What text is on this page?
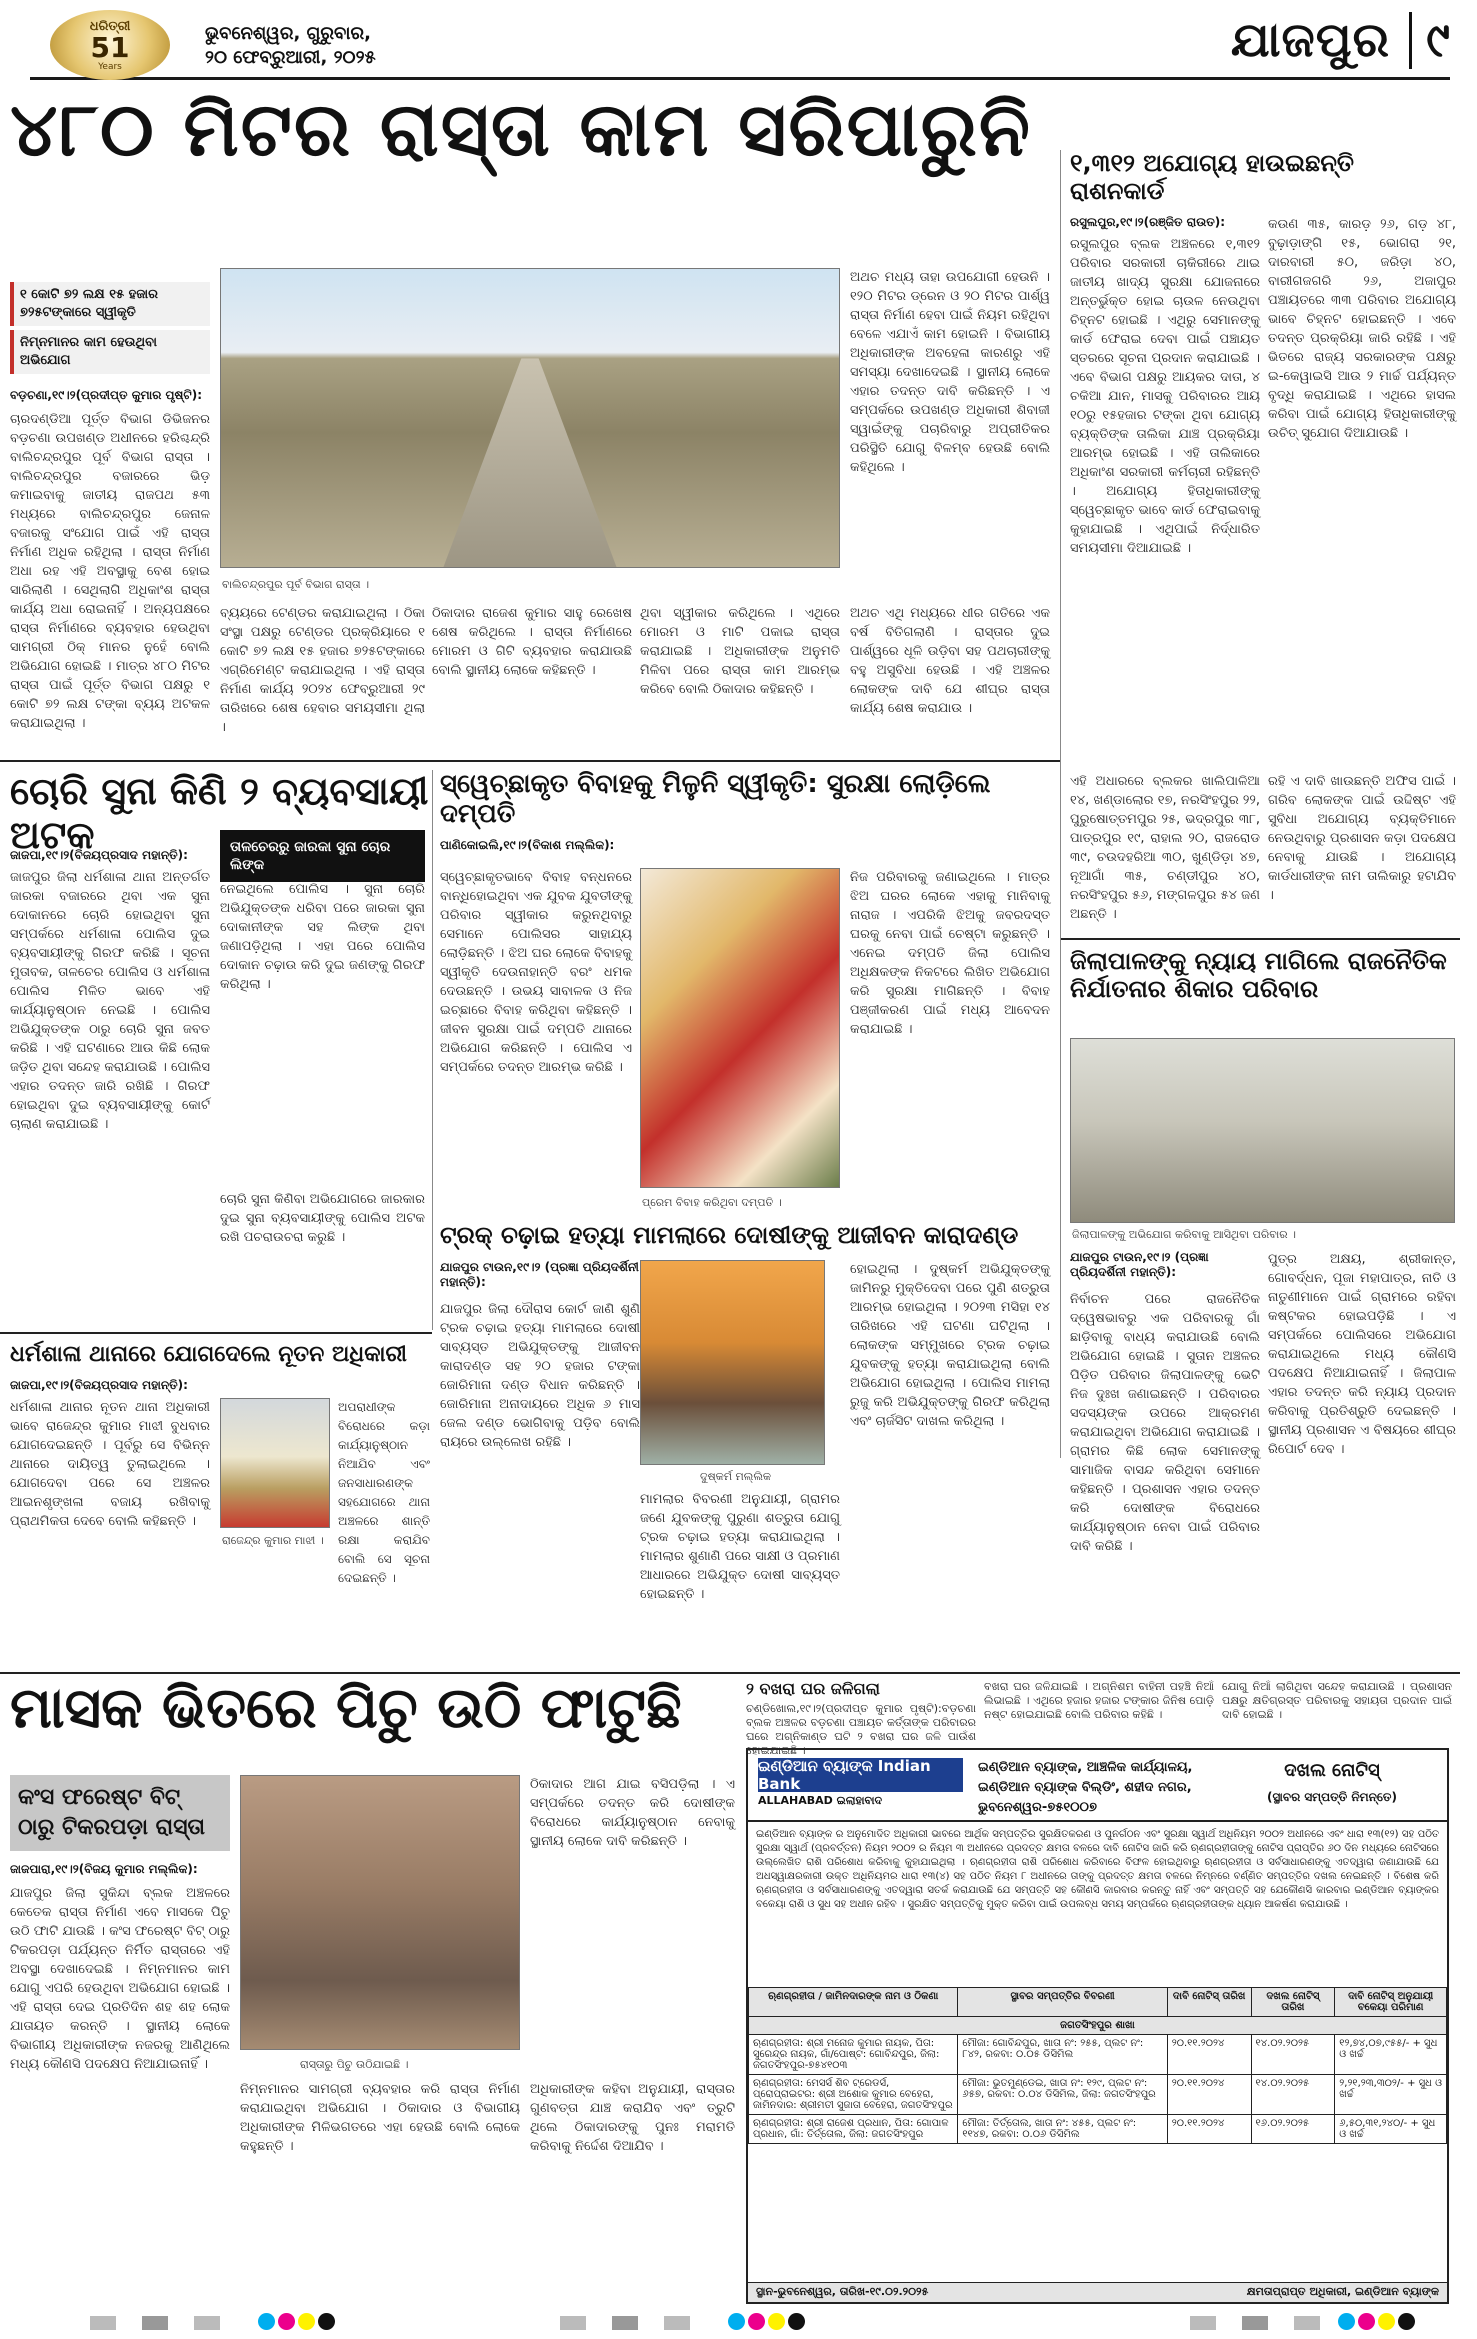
ଧରିତ୍ରୀ
51
Years
ଭୁବନେଶ୍ୱର, ଗୁରୁବାର,
୨୦ ଫେବ୍ରୁଆରୀ, ୨୦୨୫	ଯାଜପୁର ୯
୪୮୦ ମିଟର ରାସ୍ତା କାମ ସରିପାରୁନି
୧ କୋଟି ୭୨ ଲକ୍ଷ ୧୫ ହଜାର ୭୨୫ଟଙ୍କାରେ ସ୍ୱୀକୃତି
ନିମ୍ନମାନର କାମ ହେଉଥିବା ଅଭିଯୋଗ
ବଡ଼ଚଣା,୧୯।୨(ପ୍ରଦୀପ୍ତ କୁମାର ପୃଷ୍ଟି):
ଚାରଦଣ୍ଡିଆ ପୂର୍ତ୍ତ ବିଭାଗ ଡିଭିଜନର ବଡ଼ଚଣା ଉପଖଣ୍ଡ ଅଧୀନରେ ହରିଶ୍ଚନ୍ଦ୍ରି ବାଲିଚନ୍ଦ୍ରପୁର ପୂର୍ବ ବିଭାଗ ରାସ୍ତା । ବାଲିଚନ୍ଦ୍ରପୁର ବଜାରରେ ଭିଡ଼ କମାଇବାକୁ ଜାତୀୟ ରାଜପଥ ୫୩ ମଧ୍ୟରେ ବାଲିଚନ୍ଦ୍ରପୁର ଜେନାଳ ବଜାରକୁ ସଂଯୋଗ ପାଇଁ ଏହି ରାସ୍ତା ନିର୍ମାଣ ଅଧିକ ରହିଥିଲା । ରାସ୍ତା ନିର୍ମାଣ ଅଧା ରହ ଏହି ଅବସ୍ଥାକୁ ବେଶ ହୋଇ ସାରିଲାଣି । ସେଥିଲାଗି ଅଧିକାଂଶ ରାସ୍ତା କାର୍ଯ୍ୟ ଅଧା ରୋଇନାହିଁ । ଅନ୍ୟପକ୍ଷରେ ରାସ୍ତା ନିର୍ମାଣରେ ବ୍ୟବହାର ହେଉଥିବା ସାମଗ୍ରୀ ଠିକ୍ ମାନର ନୁହେଁ ବୋଲି ଅଭିଯୋଗ ହୋଇଛି । ମାତ୍ର ୪୮୦ ମିଟର ରାସ୍ତା ପାଇଁ ପୂର୍ତ୍ତ ବିଭାଗ ପକ୍ଷରୁ ୧ କୋଟି ୭୨ ଲକ୍ଷ ଟଙ୍କା ବ୍ୟୟ ଅଟକଳ କରାଯାଇଥିଲା ।
ବାଲିଚନ୍ଦ୍ରପୁର ପୂର୍ବ ବିଭାଗ ରାସ୍ତା ।
ବ୍ୟୟରେ ଟେଣ୍ଡର କରାଯାଇଥିଲା । ଠିକା ସଂସ୍ଥା ପକ୍ଷରୁ ଟେଣ୍ଡର ପ୍ରକ୍ରିୟାରେ ୧ କୋଟି ୭୨ ଲକ୍ଷ ୧୫ ହଜାର ୭୨୫ଟଙ୍କାରେ ଏଗ୍ରିମେଣ୍ଟ କରାଯାଇଥିଲା । ଏହି ରାସ୍ତା ନିର୍ମାଣ କାର୍ଯ୍ୟ ୨୦୨୪ ଫେବ୍ରୁଆରୀ ୨୯ ତାରିଖରେ ଶେଷ ହେବାର ସମୟସୀମା ଥିଲା ।
ଠିକାଦାର ରାଜେଶ କୁମାର ସାହୁ ରେଖେଷ ଶେଷ କରିଥିଲେ । ରାସ୍ତା ନିର୍ମାଣରେ ମୋରମ ଓ ଗିଟି ବ୍ୟବହାର କରାଯାଉଛି ବୋଲି ସ୍ଥାନୀୟ ଲୋକେ କହିଛନ୍ତି ।
ଥିବା ସ୍ୱୀକାର କରିଥିଲେ । ଏଥିରେ ମୋରମ ଓ ମାଟି ପକାଇ ରାସ୍ତା କରାଯାଇଛି । ଅଧିକାରୀଙ୍କ ଅନୁମତି ମିଳିବା ପରେ ରାସ୍ତା କାମ ଆରମ୍ଭ କରିବେ ବୋଲି ଠିକାଦାର କହିଛନ୍ତି ।
ଅଥଚ ଏଥି ମଧ୍ୟରେ ଧୀର ଗତିରେ ଏକ ବର୍ଷ ବିତିଗଲାଣି । ରାସ୍ତାର ଦୁଇ ପାର୍ଶ୍ୱରେ ଧୂଳି ଉଡ଼ିବା ସହ ପଥଚାରୀଙ୍କୁ ବହୁ ଅସୁବିଧା ହେଉଛି । ଏହି ଅଞ୍ଚଳର ଲୋକଙ୍କ ଦାବି ଯେ ଶୀଘ୍ର ରାସ୍ତା କାର୍ଯ୍ୟ ଶେଷ କରାଯାଉ ।
ଅଥଚ ମଧ୍ୟ ତାହା ଉପଯୋଗୀ ହେଉନି । ୧୨୦ ମିଟର ଡ୍ରେନ ଓ ୨୦ ମିଟର ପାର୍ଶ୍ୱ ରାସ୍ତା ନିର୍ମାଣ ହେବା ପାଇଁ ନିୟମ ରହିଥିବା ବେଳେ ଏଯାଏଁ କାମ ହୋଇନି । ବିଭାଗୀୟ ଅଧିକାରୀଙ୍କ ଅବହେଳା କାରଣରୁ ଏହି ସମସ୍ୟା ଦେଖାଦେଇଛି । ସ୍ଥାନୀୟ ଲୋକେ ଏହାର ତଦନ୍ତ ଦାବି କରିଛନ୍ତି । ଏ ସମ୍ପର୍କରେ ଉପଖଣ୍ଡ ଅଧିକାରୀ ଶିବାଜୀ ସ୍ୱାଇଁଙ୍କୁ ପଚାରିବାରୁ ଅପ୍ରୀତିକର ପରିସ୍ଥିତି ଯୋଗୁ ବିଳମ୍ବ ହେଉଛି ବୋଲି କହିଥିଲେ ।
୧,୩୧୨ ଅଯୋଗ୍ୟ ହାଉଇଛନ୍ତି ରାଶନକାର୍ଡ
ରସୁଲପୁର,୧୯।୨(ରଞ୍ଜିତ ରାଉତ):
ରସୁଲପୁର ବ୍ଲକ ଅଞ୍ଚଳରେ ୧,୩୧୨ ପରିବାର ସରକାରୀ ଚାକିରୀରେ ଥାଇ ଜାତୀୟ ଖାଦ୍ୟ ସୁରକ୍ଷା ଯୋଜନାରେ ଅନ୍ତର୍ଭୁକ୍ତ ହୋଇ ଚାଉଳ ନେଉଥିବା ଚିହ୍ନଟ ହୋଇଛି । ଏଥିରୁ ସେମାନଙ୍କୁ କାର୍ଡ ଫେରାଇ ଦେବା ପାଇଁ ପଞ୍ଚାୟତ ସ୍ତରରେ ସୂଚନା ପ୍ରଦାନ କରାଯାଇଛି । ଏବେ ବିଭାଗ ପକ୍ଷରୁ ଆୟକର ଦାତା, ୪ ଚକିଆ ଯାନ, ମାସକୁ ପରିବାରର ଆୟ ୧୦ରୁ ୧୫ହଜାର ଟଙ୍କା ଥିବା ଯୋଗ୍ୟ ବ୍ୟକ୍ତିଙ୍କ ତାଲିକା ଯାଞ୍ଚ ପ୍ରକ୍ରିୟା ଆରମ୍ଭ ହୋଇଛି । ଏହି ତାଲିକାରେ ଅଧିକାଂଶ ସରକାରୀ କର୍ମଚାରୀ ରହିଛନ୍ତି । ଅଯୋଗ୍ୟ ହିତାଧିକାରୀଙ୍କୁ ସ୍ୱେଚ୍ଛାକୃତ ଭାବେ କାର୍ଡ ଫେରାଇବାକୁ କୁହାଯାଇଛି । ଏଥିପାଇଁ ନିର୍ଦ୍ଧାରିତ ସମୟସୀମା ଦିଆଯାଇଛି ।
କଉଣ ୩୫, କାରଡ଼ ୨୬, ଗଡ଼ ୪୮, ବୁଢ଼ାଡ଼ାଙ୍ଗି ୧୫, ଭୋଗରା ୨୧, ଦାରବାରୀ ୫୦, ଜରିଡ଼ା ୪୦, ବାରୀଗଜଗରି ୨୬, ଅଜାପୁର ପଞ୍ଚାୟତରେ ୩୩ ପରିବାର ଅଯୋଗ୍ୟ ଭାବେ ଚିହ୍ନଟ ହୋଇଛନ୍ତି । ଏବେ ତଦନ୍ତ ପ୍ରକ୍ରିୟା ଜାରି ରହିଛି । ଏହି ଭିତରେ ରାଜ୍ୟ ସରକାରଙ୍କ ପକ୍ଷରୁ ଇ-କେୱାଇସି ଆଉ ୨ ମାର୍ଚ୍ଚ ପର୍ଯ୍ୟନ୍ତ ବୃଦ୍ଧି କରାଯାଇଛି । ଏଥିରେ ହାସଲ କରିବା ପାଇଁ ଯୋଗ୍ୟ ହିତାଧିକାରୀଙ୍କୁ ଉଚିତ୍ ସୁଯୋଗ ଦିଆଯାଉଛି ।
ଏହି ଅଧାରରେ ବ୍ଲକର ଖାଲିପାଳିଆ ୧୪, ଖଣ୍ଡାଲୋର ୧୭, ନରସିଂହପୁର ୨୨, ପୁରୁଷୋତ୍ତମପୁର ୨୫, ଭଦ୍ରପୁର ୩୮, ପାତ୍ରପୁର ୧୯, ରାହାଲ ୨୦, ରାଜରୋଡ ୩୯, ଚଉଦହରିଆ ୩୦, ଖୁଣ୍ଡିଡ଼ା ୪୭, ନୂଆଗାଁ ୩୫, ଚଣ୍ଡୀପୁର ୪୦, ନରସିଂହପୁର ୫୬, ମଙ୍ଗଳପୁର ୫୪ ଜଣ ଅଛନ୍ତି ।
ରହି ଏ ଦାବି ଖାଉଛନ୍ତି ଅଫିସ ପାଇଁ । ଗରିବ ଲୋକଙ୍କ ପାଇଁ ଉଦ୍ଦିଷ୍ଟ ଏହି ସୁବିଧା ଅଯୋଗ୍ୟ ବ୍ୟକ୍ତିମାନେ ନେଉଥିବାରୁ ପ୍ରଶାସନ କଡ଼ା ପଦକ୍ଷେପ ନେବାକୁ ଯାଉଛି । ଅଯୋଗ୍ୟ କାର୍ଡଧାରୀଙ୍କ ନାମ ତାଲିକାରୁ ହଟାଯିବ ।
ଚୋରି ସୁନା କିଣି ୨ ବ୍ୟବସାୟୀ ଅଟକ
ଜାଜପା,୧୯।୨(ବିଜୟପ୍ରସାଦ ମହାନ୍ତି):
ଜାଜପୁର ଜିଲା ଧର୍ମଶାଳା ଥାନା ଅନ୍ତର୍ଗତ ଜାରକା ବଜାରରେ ଥିବା ଏକ ସୁନା ଦୋକାନରେ ଚୋରି ହୋଇଥିବା ସୁନା ସମ୍ପର୍କରେ ଧର୍ମଶାଳା ପୋଲିସ ଦୁଇ ବ୍ୟବସାୟୀଙ୍କୁ ଗିରଫ କରିଛି । ସୂଚନା ମୁତାବକ, ତାଳଚେର ପୋଲିସ ଓ ଧର୍ମଶାଳା ପୋଲିସ ମିଳିତ ଭାବେ ଏହି କାର୍ଯ୍ୟାନୁଷ୍ଠାନ ନେଇଛି । ପୋଲିସ ଅଭିଯୁକ୍ତଙ୍କ ଠାରୁ ଚୋରି ସୁନା ଜବତ କରିଛି । ଏହି ଘଟଣାରେ ଆଉ କିଛି ଲୋକ ଜଡ଼ିତ ଥିବା ସନ୍ଦେହ କରାଯାଉଛି । ପୋଲିସ ଏହାର ତଦନ୍ତ ଜାରି ରଖିଛି । ଗିରଫ ହୋଇଥିବା ଦୁଇ ବ୍ୟବସାୟୀଙ୍କୁ କୋର୍ଟ ଚାଲାଣ କରାଯାଇଛି ।
ତାଳଚେରରୁ ଜାରକା ସୁନା ଚୋର ଲିଙ୍କ
ନେଇଥିଲେ ପୋଲିସ । ସୁନା ଚୋରି ଅଭିଯୁକ୍ତଙ୍କ ଧରିବା ପରେ ଜାରକା ସୁନା ଦୋକାନୀଙ୍କ ସହ ଲିଙ୍କ ଥିବା ଜଣାପଡ଼ିଥିଲା । ଏହା ପରେ ପୋଲିସ ଦୋକାନ ଚଢ଼ାଉ କରି ଦୁଇ ଜଣଙ୍କୁ ଗିରଫ କରିଥିଲା ।
ଚୋରି ସୁନା କିଣିବା ଅଭିଯୋଗରେ ଜାରକାର ଦୁଇ ସୁନା ବ୍ୟବସାୟୀଙ୍କୁ ପୋଲିସ ଅଟକ ରଖି ପଚରାଉଚରା କରୁଛି ।
ସ୍ୱେଚ୍ଛାକୃତ ବିବାହକୁ ମିଳୁନି ସ୍ୱୀକୃତି: ସୁରକ୍ଷା ଲୋଡ଼ିଲେ ଦମ୍ପତି
ପାଣିକୋଇଲି,୧୯।୨(ବିକାଶ ମଲ୍ଲିକ):
ପ୍ରେମ ବିବାହ କରିଥିବା ଦମ୍ପତି ।
ସ୍ୱେଚ୍ଛାକୃତଭାବେ ବିବାହ ବନ୍ଧନରେ ବାନ୍ଧିହୋଇଥିବା ଏକ ଯୁବକ ଯୁବତୀଙ୍କୁ ପରିବାର ସ୍ୱୀକାର କରୁନଥିବାରୁ ସେମାନେ ପୋଲିସର ସାହାଯ୍ୟ ଲୋଡ଼ିଛନ୍ତି । ଝିଅ ଘର ଲୋକେ ବିବାହକୁ ସ୍ୱୀକୃତି ଦେଉନାହାନ୍ତି ବରଂ ଧମକ ଦେଉଛନ୍ତି । ଉଭୟ ସାବାଳକ ଓ ନିଜ ଇଚ୍ଛାରେ ବିବାହ କରିଥିବା କହିଛନ୍ତି । ଜୀବନ ସୁରକ୍ଷା ପାଇଁ ଦମ୍ପତି ଥାନାରେ ଅଭିଯୋଗ କରିଛନ୍ତି । ପୋଲିସ ଏ ସମ୍ପର୍କରେ ତଦନ୍ତ ଆରମ୍ଭ କରିଛି ।
ନିଜ ପରିବାରକୁ ଜଣାଇଥିଲେ । ମାତ୍ର ଝିଅ ଘରର ଲୋକେ ଏହାକୁ ମାନିବାକୁ ନାରାଜ । ଏପରିକି ଝିଅକୁ ଜବରଦସ୍ତ ଘରକୁ ନେବା ପାଇଁ ଚେଷ୍ଟା କରୁଛନ୍ତି । ଏନେଇ ଦମ୍ପତି ଜିଲା ପୋଲିସ ଅଧିକ୍ଷକଙ୍କ ନିକଟରେ ଲିଖିତ ଅଭିଯୋଗ କରି ସୁରକ୍ଷା ମାଗିଛନ୍ତି । ବିବାହ ପଞ୍ଜୀକରଣ ପାଇଁ ମଧ୍ୟ ଆବେଦନ କରାଯାଇଛି ।
ଜିଲାପାଳଙ୍କୁ ନ୍ୟାୟ ମାଗିଲେ ରାଜନୈତିକ ନିର୍ଯାତନାର ଶିକାର ପରିବାର
ଜିଲାପାଳଙ୍କୁ ଅଭିଯୋଗ କରିବାକୁ ଆସିଥିବା ପରିବାର ।
ଯାଜପୁର ଟାଉନ,୧୯।୨ (ପ୍ରଜ୍ଞା ପ୍ରିୟଦର୍ଶିନୀ ମହାନ୍ତି):
ନିର୍ବାଚନ ପରେ ରାଜନୈତିକ ଦ୍ୱେଷଭାବରୁ ଏକ ପରିବାରକୁ ଗାଁ ଛାଡ଼ିବାକୁ ବାଧ୍ୟ କରାଯାଉଛି ବୋଲି ଅଭିଯୋଗ ହୋଇଛି । ସୁତାନ ଅଞ୍ଚଳର ପିଡ଼ିତ ପରିବାର ଜିଲାପାଳଙ୍କୁ ଭେଟି ନିଜ ଦୁଃଖ ଜଣାଇଛନ୍ତି । ପରିବାରର ସଦସ୍ୟଙ୍କ ଉପରେ ଆକ୍ରମଣ କରାଯାଇଥିବା ଅଭିଯୋଗ କରାଯାଇଛି । ଗ୍ରାମର କିଛି ଲୋକ ସେମାନଙ୍କୁ ସାମାଜିକ ବାସନ୍ଦ କରିଥିବା ସେମାନେ କହିଛନ୍ତି । ପ୍ରଶାସନ ଏହାର ତଦନ୍ତ କରି ଦୋଷୀଙ୍କ ବିରୋଧରେ କାର୍ଯ୍ୟାନୁଷ୍ଠାନ ନେବା ପାଇଁ ପରିବାର ଦାବି କରିଛି ।
ପୁତ୍ର ଅକ୍ଷୟ, ଶ୍ରୀକାନ୍ତ, ଗୋବର୍ଦ୍ଧନ, ପୂଜା ମହାପାତ୍ର, ନାତି ଓ ନାତୁଣୀମାନେ ପାଇଁ ଗ୍ରାମରେ ରହିବା କଷ୍ଟକର ହୋଇପଡ଼ିଛି । ଏ ସମ୍ପର୍କରେ ପୋଲିସରେ ଅଭିଯୋଗ କରାଯାଇଥିଲେ ମଧ୍ୟ କୌଣସି ପଦକ୍ଷେପ ନିଆଯାଇନାହିଁ । ଜିଲାପାଳ ଏହାର ତଦନ୍ତ କରି ନ୍ୟାୟ ପ୍ରଦାନ କରିବାକୁ ପ୍ରତିଶ୍ରୁତି ଦେଇଛନ୍ତି । ସ୍ଥାନୀୟ ପ୍ରଶାସନ ଏ ବିଷୟରେ ଶୀଘ୍ର ରିପୋର୍ଟ ଦେବ ।
ଟ୍ରକ୍ ଚଢ଼ାଇ ହତ୍ୟା ମାମଲାରେ ଦୋଷୀଙ୍କୁ ଆଜୀବନ କାରାଦଣ୍ଡ
ଯାଜପୁର ଟାଉନ,୧୯।୨ (ପ୍ରଜ୍ଞା ପ୍ରିୟଦର୍ଶିନୀ ମହାନ୍ତି):
ଯାଜପୁର ଜିଲା ଦୌରାସ କୋର୍ଟ ଜାଣି ଶୁଣି ଟ୍ରକ ଚଢ଼ାଇ ହତ୍ୟା ମାମଲାରେ ଦୋଷୀ ସାବ୍ୟସ୍ତ ଅଭିଯୁକ୍ତଙ୍କୁ ଆଜୀବନ କାରାଦଣ୍ଡ ସହ ୨୦ ହଜାର ଟଙ୍କା ଜୋରିମାନା ଦଣ୍ଡ ବିଧାନ କରିଛନ୍ତି । ଜୋରିମାନା ଅନାଦାୟରେ ଅଧିକ ୬ ମାସ ଜେଲ ଦଣ୍ଡ ଭୋଗିବାକୁ ପଡ଼ିବ ବୋଲି ରାୟରେ ଉଲ୍ଲେଖ ରହିଛି ।
ଦୁଷ୍କର୍ମ ମଲ୍ଲିକ
ମାମଲାର ବିବରଣୀ ଅନୁଯାୟୀ, ଗ୍ରାମର ଜଣେ ଯୁବକଙ୍କୁ ପୁରୁଣା ଶତ୍ରୁତା ଯୋଗୁ ଟ୍ରକ ଚଢ଼ାଇ ହତ୍ୟା କରାଯାଇଥିଲା । ମାମଲାର ଶୁଣାଣି ପରେ ସାକ୍ଷୀ ଓ ପ୍ରମାଣ ଆଧାରରେ ଅଭିଯୁକ୍ତ ଦୋଷୀ ସାବ୍ୟସ୍ତ ହୋଇଛନ୍ତି ।
ହୋଇଥିଲା । ଦୁଷ୍କର୍ମ ଅଭିଯୁକ୍ତଙ୍କୁ ଜାମିନରୁ ମୁକ୍ତିଦେବା ପରେ ପୁଣି ଶତ୍ରୁତା ଆରମ୍ଭ ହୋଇଥିଲା । ୨୦୨୩ ମସିହା ୧୪ ତାରିଖରେ ଏହି ଘଟଣା ଘଟିଥିଲା । ଲୋକଙ୍କ ସମ୍ମୁଖରେ ଟ୍ରକ ଚଢ଼ାଇ ଯୁବକଙ୍କୁ ହତ୍ୟା କରାଯାଇଥିଲା ବୋଲି ଅଭିଯୋଗ ହୋଇଥିଲା । ପୋଲିସ ମାମଲା ରୁଜୁ କରି ଅଭିଯୁକ୍ତଙ୍କୁ ଗିରଫ କରିଥିଲା ଏବଂ ଚାର୍ଜସିଟ ଦାଖଲ କରିଥିଲା ।
ଧର୍ମଶାଳା ଥାନାରେ ଯୋଗଦେଲେ ନୂତନ ଅଧିକାରୀ
ଜାଜପା,୧୯।୨(ବିଜୟପ୍ରସାଦ ମହାନ୍ତି):
ଧର୍ମଶାଳା ଥାନାର ନୂତନ ଥାନା ଅଧିକାରୀ ଭାବେ ରାଜେନ୍ଦ୍ର କୁମାର ମାଝୀ ବୁଧବାର ଯୋଗଦେଇଛନ୍ତି । ପୂର୍ବରୁ ସେ ବିଭିନ୍ନ ଥାନାରେ ଦାୟିତ୍ୱ ତୁଲାଇଥିଲେ । ଯୋଗଦେବା ପରେ ସେ ଅଞ୍ଚଳର ଆଇନଶୃଙ୍ଖଳା ବଜାୟ ରଖିବାକୁ ପ୍ରାଥମିକତା ଦେବେ ବୋଲି କହିଛନ୍ତି ।
ରାଜେନ୍ଦ୍ର କୁମାର ମାଝୀ ।
ଅପରାଧୀଙ୍କ ବିରୋଧରେ କଡ଼ା କାର୍ଯ୍ୟାନୁଷ୍ଠାନ ନିଆଯିବ ଏବଂ ଜନସାଧାରଣଙ୍କ ସହଯୋଗରେ ଥାନା ଅଞ୍ଚଳରେ ଶାନ୍ତି ରକ୍ଷା କରାଯିବ ବୋଲି ସେ ସୂଚନା ଦେଇଛନ୍ତି ।
ମାସକ ଭିତରେ ପିଚୁ ଉଠି ଫାଟୁଛି
କଂସ ଫରେଷ୍ଟ ବିଟ୍ ଠାରୁ ଟିକରପଡ଼ା ରାସ୍ତା
ଜାଜପାରା,୧୯।୨(ବିଜୟ କୁମାର ମଲ୍ଲିକ):
ଯାଜପୁର ଜିଲା ସୁକିନ୍ଦା ବ୍ଲକ ଅଞ୍ଚଳରେ କେତେକ ରାସ୍ତା ନିର୍ମାଣ ଏବେ ମାସକେ ପିଚୁ ଉଠି ଫାଟି ଯାଉଛି । କଂସ ଫରେଷ୍ଟ ବିଟ୍ ଠାରୁ ଟିକରପଡ଼ା ପର୍ଯ୍ୟନ୍ତ ନିର୍ମିତ ରାସ୍ତାରେ ଏହି ଅବସ୍ଥା ଦେଖାଦେଇଛି । ନିମ୍ନମାନର କାମ ଯୋଗୁ ଏପରି ହେଉଥିବା ଅଭିଯୋଗ ହୋଇଛି । ଏହି ରାସ୍ତା ଦେଇ ପ୍ରତିଦିନ ଶହ ଶହ ଲୋକ ଯାତାୟତ କରନ୍ତି । ସ୍ଥାନୀୟ ଲୋକେ ବିଭାଗୀୟ ଅଧିକାରୀଙ୍କ ନଜରକୁ ଆଣିଥିଲେ ମଧ୍ୟ କୌଣସି ପଦକ୍ଷେପ ନିଆଯାଇନାହିଁ ।	ରାସ୍ତାରୁ ପିଚୁ ଉଠିଯାଇଛି ।
ନିମ୍ନମାନର ସାମଗ୍ରୀ ବ୍ୟବହାର କରି ରାସ୍ତା ନିର୍ମାଣ କରାଯାଇଥିବା ଅଭିଯୋଗ । ଠିକାଦାର ଓ ବିଭାଗୀୟ ଅଧିକାରୀଙ୍କ ମିଳିଭଗତରେ ଏହା ହେଉଛି ବୋଲି ଲୋକେ କହୁଛନ୍ତି ।
ଠିକାଦାର ଆଗ ଯାଇ ବସିପଡ଼ିଲା । ଏ ସମ୍ପର୍କରେ ତଦନ୍ତ କରି ଦୋଷୀଙ୍କ ବିରୋଧରେ କାର୍ଯ୍ୟାନୁଷ୍ଠାନ ନେବାକୁ ସ୍ଥାନୀୟ ଲୋକେ ଦାବି କରିଛନ୍ତି ।
ଅଧିକାରୀଙ୍କ କହିବା ଅନୁଯାୟୀ, ରାସ୍ତାର ଗୁଣବତ୍ତା ଯାଞ୍ଚ କରାଯିବ ଏବଂ ତ୍ରୁଟି ଥିଲେ ଠିକାଦାରଙ୍କୁ ପୁନଃ ମରାମତି କରିବାକୁ ନିର୍ଦ୍ଦେଶ ଦିଆଯିବ ।
୨ ବଖରା ଘର ଜଳିଗଲା
ଚଣ୍ଡିଖୋଲ,୧୯।୨(ପ୍ରଦୀପ୍ତ କୁମାର ପୃଷ୍ଟି):ବଡ଼ଚଣା ବ୍ଲକ ଅଞ୍ଚଳର ବଡ଼ଚଣା ପଞ୍ଚାୟତ କର୍ତ୍ତାଙ୍କ ପରିବାରର ଘରେ ଅଗ୍ନିକାଣ୍ଡ ଘଟି ୨ ବଖରା ଘର ଜଳି ପାଉଁଶ ହୋଇଯାଇଛି ।
ବଖରା ଘର ଜଳିଯାଇଛି । ଅଗ୍ନିଶମ ବାହିନୀ ପହଞ୍ଚି ନିଆଁ ଲିଭାଇଛି । ଏଥିରେ ହଜାର ହଜାର ଟଙ୍କାର ଜିନିଷ ପୋଡ଼ି ନଷ୍ଟ ହୋଇଯାଇଛି ବୋଲି ପରିବାର କହିଛି ।
ଯୋଗୁ ନିଆଁ ଲାଗିଥିବା ସନ୍ଦେହ କରାଯାଉଛି । ପ୍ରଶାସନ ପକ୍ଷରୁ କ୍ଷତିଗ୍ରସ୍ତ ପରିବାରକୁ ସହାୟତା ପ୍ରଦାନ ପାଇଁ ଦାବି ହୋଇଛି ।
ଇଣ୍ଡିଆନ ବ୍ୟାଙ୍କ Indian Bank
ALLAHABAD ଇଲାହାବାଦ
ଇଣ୍ଡିଆନ ବ୍ୟାଙ୍କ, ଆଞ୍ଚଳିକ କାର୍ଯ୍ୟାଳୟ, ଇଣ୍ଡିଆନ ବ୍ୟାଙ୍କ ବିଲ୍ଡିଂ, ଶହୀଦ ନଗର, ଭୁବନେଶ୍ୱର-୭୫୧୦୦୭
ଦଖଲ ନୋଟିସ୍
(ସ୍ଥାବର ସମ୍ପତ୍ତି ନିମନ୍ତେ)
ଇଣ୍ଡିଆନ ବ୍ୟାଙ୍କ ର ଅନୁମୋଦିତ ଅଧିକାରୀ ଭାବରେ ଆର୍ଥିକ ସମ୍ପତ୍ତିର ସୁରକ୍ଷିତକରଣ ଓ ପୁନର୍ଗଠନ ଏବଂ ସୁରକ୍ଷା ସ୍ୱାର୍ଥ ଅଧିନିୟମ ୨୦୦୨ ଅଧୀନରେ ଏବଂ ଧାରା ୧୩(୧୨) ସହ ପଠିତ ସୁରକ୍ଷା ସ୍ୱାର୍ଥ (ପ୍ରବର୍ତ୍ତନ) ନିୟମ ୨୦୦୨ ର ନିୟମ ୩ ଅଧୀନରେ ପ୍ରଦତ୍ତ କ୍ଷମତା ବଳରେ ଦାବି ନୋଟିସ ଜାରି କରି ଋଣଗ୍ରହୀତାଙ୍କୁ ନୋଟିସ ପ୍ରାପ୍ତିର ୬୦ ଦିନ ମଧ୍ୟରେ ନୋଟିସରେ ଉଲ୍ଲେଖିତ ରାଶି ପରିଶୋଧ କରିବାକୁ କୁହାଯାଇଥିଲା । ଋଣଗ୍ରହୀତା ରାଶି ପରିଶୋଧ କରିବାରେ ବିଫଳ ହୋଇଥିବାରୁ ଋଣଗ୍ରହୀତା ଓ ସର୍ବସାଧାରଣଙ୍କୁ ଏତଦ୍ୱାରା ଜଣାଯାଉଛି ଯେ ଅଧସ୍ୱାକ୍ଷରକାରୀ ଉକ୍ତ ଅଧିନିୟମର ଧାରା ୧୩(୪) ସହ ପଠିତ ନିୟମ ୮ ଅଧୀନରେ ତାଙ୍କୁ ପ୍ରଦତ୍ତ କ୍ଷମତା ବଳରେ ନିମ୍ନରେ ବର୍ଣ୍ଣିତ ସମ୍ପତ୍ତିର ଦଖଲ ନେଇଛନ୍ତି । ବିଶେଷ କରି ଋଣଗ୍ରହୀତା ଓ ସର୍ବସାଧାରଣଙ୍କୁ ଏତଦ୍ୱାରା ସତର୍କ କରାଯାଉଛି ଯେ ସମ୍ପତ୍ତି ସହ କୌଣସି କାରବାର କରନ୍ତୁ ନାହିଁ ଏବଂ ସମ୍ପତ୍ତି ସହ ଯେକୌଣସି କାରବାର ଇଣ୍ଡିଆନ ବ୍ୟାଙ୍କର ବକେୟା ରାଶି ଓ ସୁଧ ସହ ଅଧୀନ ରହିବ । ସୁରକ୍ଷିତ ସମ୍ପତ୍ତିକୁ ମୁକ୍ତ କରିବା ପାଇଁ ଉପଲବ୍ଧ ସମୟ ସମ୍ପର୍କରେ ଋଣଗ୍ରହୀତାଙ୍କ ଧ୍ୟାନ ଆକର୍ଷଣ କରାଯାଉଛି ।
ଋଣଗ୍ରହୀତା / ଜାମିନଦାରଙ୍କ ନାମ ଓ ଠିକଣା	ସ୍ଥାବର ସମ୍ପତ୍ତିର ବିବରଣୀ	ଦାବି ନୋଟିସ୍ ତାରିଖ	ଦଖଲ ନୋଟିସ୍ ତାରିଖ	ଦାବି ନୋଟିସ୍ ଅନୁଯାୟୀ ବକେୟା ପରିମାଣ
ଜଗତସିଂହପୁର ଶାଖା				
ଋଣଗ୍ରହୀତା: ଶ୍ରୀ ମନୋଜ କୁମାର ନାୟକ, ପିତା: ସୁରେନ୍ଦ୍ର ନାୟକ, ଗାଁ/ପୋଷ୍ଟ: ଗୋବିନ୍ଦପୁର, ଜିଲା: ଜଗତସିଂହପୁର-୭୫୪୧୦୩	ମୌଜା: ଗୋବିନ୍ଦପୁର, ଖାତା ନଂ: ୨୫୫, ପ୍ଲଟ ନଂ: ୮୪୨, ରକବା: ୦.୦୫ ଡିସିମିଲ	୨୦.୧୧.୨୦୨୪	୧୪.୦୨.୨୦୨୫	୧୨,୭୪,୦୭,୯୫୫/- + ସୁଧ ଓ ଖର୍ଚ୍ଚ
ଋଣଗ୍ରହୀତା: ମେସର୍ସ ଶିବ ଟ୍ରେଡର୍ସ, ପ୍ରୋପ୍ରାଇଟର: ଶ୍ରୀ ଅଶୋକ କୁମାର ବେହେରା, ଜାମିନଦାର: ଶ୍ରୀମତୀ ସୁଜାତା ବେହେରା, ଜଗତସିଂହପୁର	ମୌଜା: ଭୁତମୁଣ୍ଡେଇ, ଖାତା ନଂ: ୧୨୯, ପ୍ଲଟ ନଂ: ୬୫୭, ରକବା: ୦.୦୪ ଡିସିମିଲ, ଜିଲା: ଜଗତସିଂହପୁର	୨୦.୧୧.୨୦୨୪	୧୪.୦୨.୨୦୨୫	୨,୨୧,୨୩,୩୦୨/- + ସୁଧ ଓ ଖର୍ଚ୍ଚ
ଋଣଗ୍ରହୀତା: ଶ୍ରୀ ରାଜେଶ ପ୍ରଧାନ, ପିତା: ଗୋପାଳ ପ୍ରଧାନ, ଗାଁ: ତିର୍ତ୍ତୋଲ, ଜିଲା: ଜଗତସିଂହପୁର	ମୌଜା: ତିର୍ତ୍ତୋଲ, ଖାତା ନଂ: ୪୫୫, ପ୍ଲଟ ନଂ: ୧୧୪୭, ରକବା: ୦.୦୬ ଡିସିମିଲ	୨୦.୧୧.୨୦୨୪	୧୬.୦୨.୨୦୨୫	୬,୫୦,୩୧,୨୪୦/- + ସୁଧ ଓ ଖର୍ଚ୍ଚ
ସ୍ଥାନ-ଭୁବନେଶ୍ୱର, ତାରିଖ-୧୯.୦୨.୨୦୨୫	କ୍ଷମତାପ୍ରାପ୍ତ ଅଧିକାରୀ, ଇଣ୍ଡିଆନ ବ୍ୟାଙ୍କ
